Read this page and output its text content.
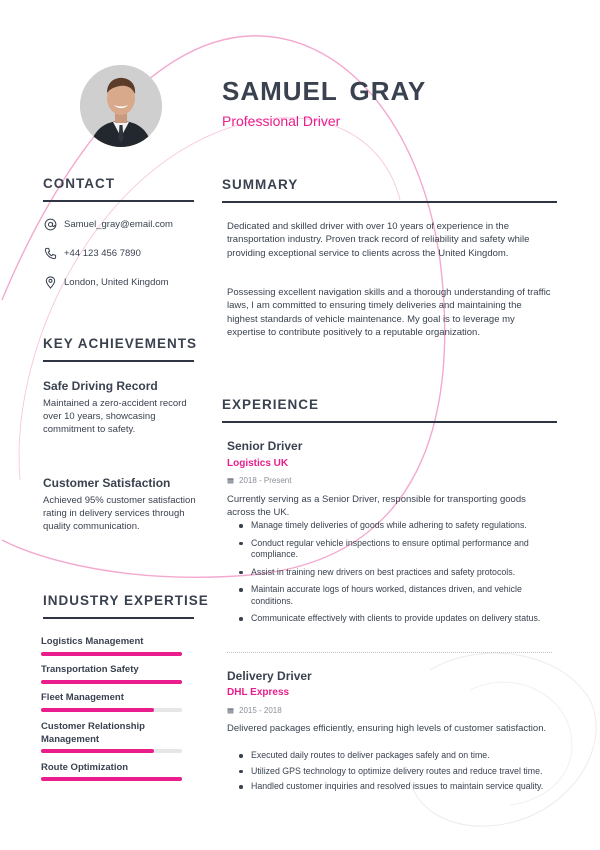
SAMUEL GRAY
Professional Driver
CONTACT
Samuel_gray@email.com
+44 123 456 7890
London, United Kingdom
KEY ACHIEVEMENTS
Safe Driving Record
Maintained a zero-accident record over 10 years, showcasing commitment to safety.
Customer Satisfaction
Achieved 95% customer satisfaction rating in delivery services through quality communication.
INDUSTRY EXPERTISE
Logistics Management
Transportation Safety
Fleet Management
Customer Relationship Management
Route Optimization
SUMMARY
Dedicated and skilled driver with over 10 years of experience in the transportation industry. Proven track record of reliability and safety while providing exceptional service to clients across the United Kingdom.
Possessing excellent navigation skills and a thorough understanding of traffic laws, I am committed to ensuring timely deliveries and maintaining the highest standards of vehicle maintenance. My goal is to leverage my expertise to contribute positively to a reputable organization.
EXPERIENCE
Senior Driver
Logistics UK
2018 - Present
Currently serving as a Senior Driver, responsible for transporting goods across the UK.
Manage timely deliveries of goods while adhering to safety regulations.
Conduct regular vehicle inspections to ensure optimal performance and compliance.
Assist in training new drivers on best practices and safety protocols.
Maintain accurate logs of hours worked, distances driven, and vehicle conditions.
Communicate effectively with clients to provide updates on delivery status.
Delivery Driver
DHL Express
2015 - 2018
Delivered packages efficiently, ensuring high levels of customer satisfaction.
Executed daily routes to deliver packages safely and on time.
Utilized GPS technology to optimize delivery routes and reduce travel time.
Handled customer inquiries and resolved issues to maintain service quality.
